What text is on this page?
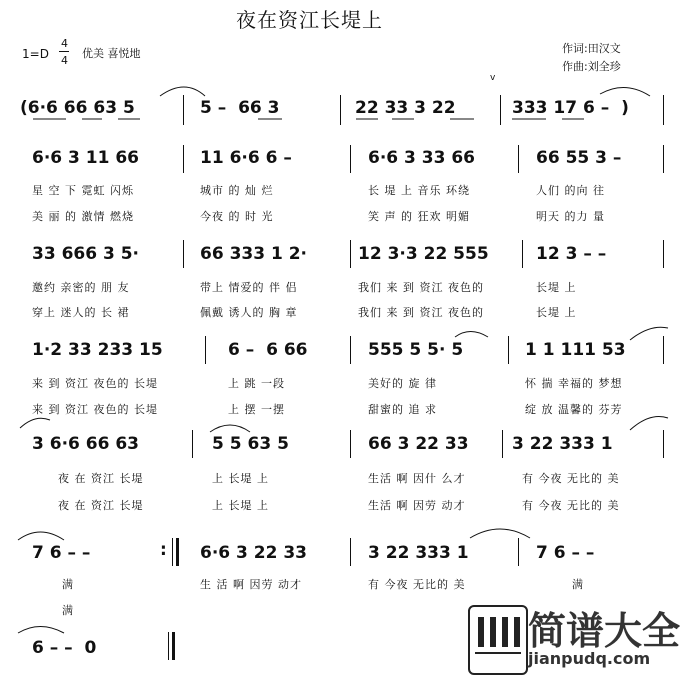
夜在资江长堤上
1=D
4
4
优美 喜悦地	作词:田汉文
作曲:刘全珍
v
(6·6 66 63 5	5 –  66 3	22 33 3 22	333 17 6 –  )
6·6 3 11 66	11 6·6 6 –	6·6 3 33 66	66 55 3 –
星 空 下 霓虹 闪烁	城市 的 灿 烂	长 堤 上 音乐 环绕	人们 的向 往
美 丽 的 激情 燃烧	今夜 的 时 光	笑 声 的 狂欢 明媚	明天 的力 量
33 666 3 5·	66 333 1 2·	12 3·3 22 555	12 3 – –
邀约 亲密的 朋 友	带上 情爱的 伴 侣	我们 来 到 资江 夜色的	长堤 上
穿上 迷人的 长 裙	佩戴 诱人的 胸 章	我们 来 到 资江 夜色的	长堤 上
1·2 33 233 15	6 –  6 66	555 5 5· 5	1 1 111 53
来 到 资江 夜色的 长堤	上 跳 一段	美好的 旋 律	怀 揣 幸福的 梦想
来 到 资江 夜色的 长堤	上 摆 一摆	甜蜜的 追 求	绽 放 温馨的 芬芳
3 6·6 66 63	5 5 63 5	66 3 22 33	3 22 333 1
夜 在 资江 长堤	上 长堤 上	生活 啊 因什 么才	有 今夜 无比的 美
夜 在 资江 长堤	上 长堤 上	生活 啊 因劳 动才	有 今夜 无比的 美
7 6 – –	6·6 3 22 33	3 22 333 1	7 6 – –
:
满	生 活 啊 因劳 动才	有 今夜 无比的 美	满
满
6 – –  0	简谱大全
jianpudq.com
